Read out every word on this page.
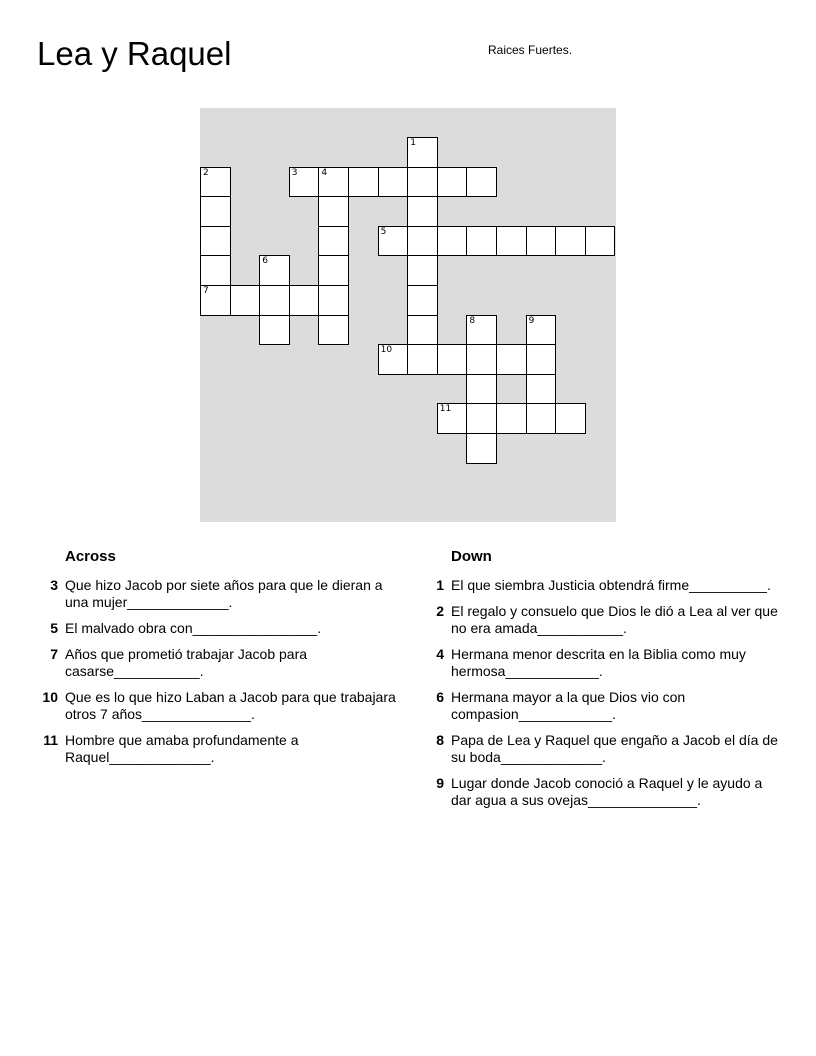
Lea y Raquel	Raices Fuertes.
1
2	3	4
5
6
7
8	9
10
11
Across
3 Que hizo Jacob por siete años para que le dieran a una mujer_____________.
5 El malvado obra con________________.
7 Años que prometió trabajar Jacob para casarse___________.
10 Que es lo que hizo Laban a Jacob para que trabajara otros 7 años______________.
11 Hombre que amaba profundamente a Raquel_____________.
Down
1 El que siembra Justicia obtendrá firme__________.
2 El regalo y consuelo que Dios le dió a Lea al ver que no era amada___________.
4 Hermana menor descrita en la Biblia como muy hermosa____________.
6 Hermana mayor a la que Dios vio con compasion____________.
8 Papa de Lea y Raquel que engaño a Jacob el día de su boda_____________.
9 Lugar donde Jacob conoció a Raquel y le ayudo a dar agua a sus ovejas______________.
